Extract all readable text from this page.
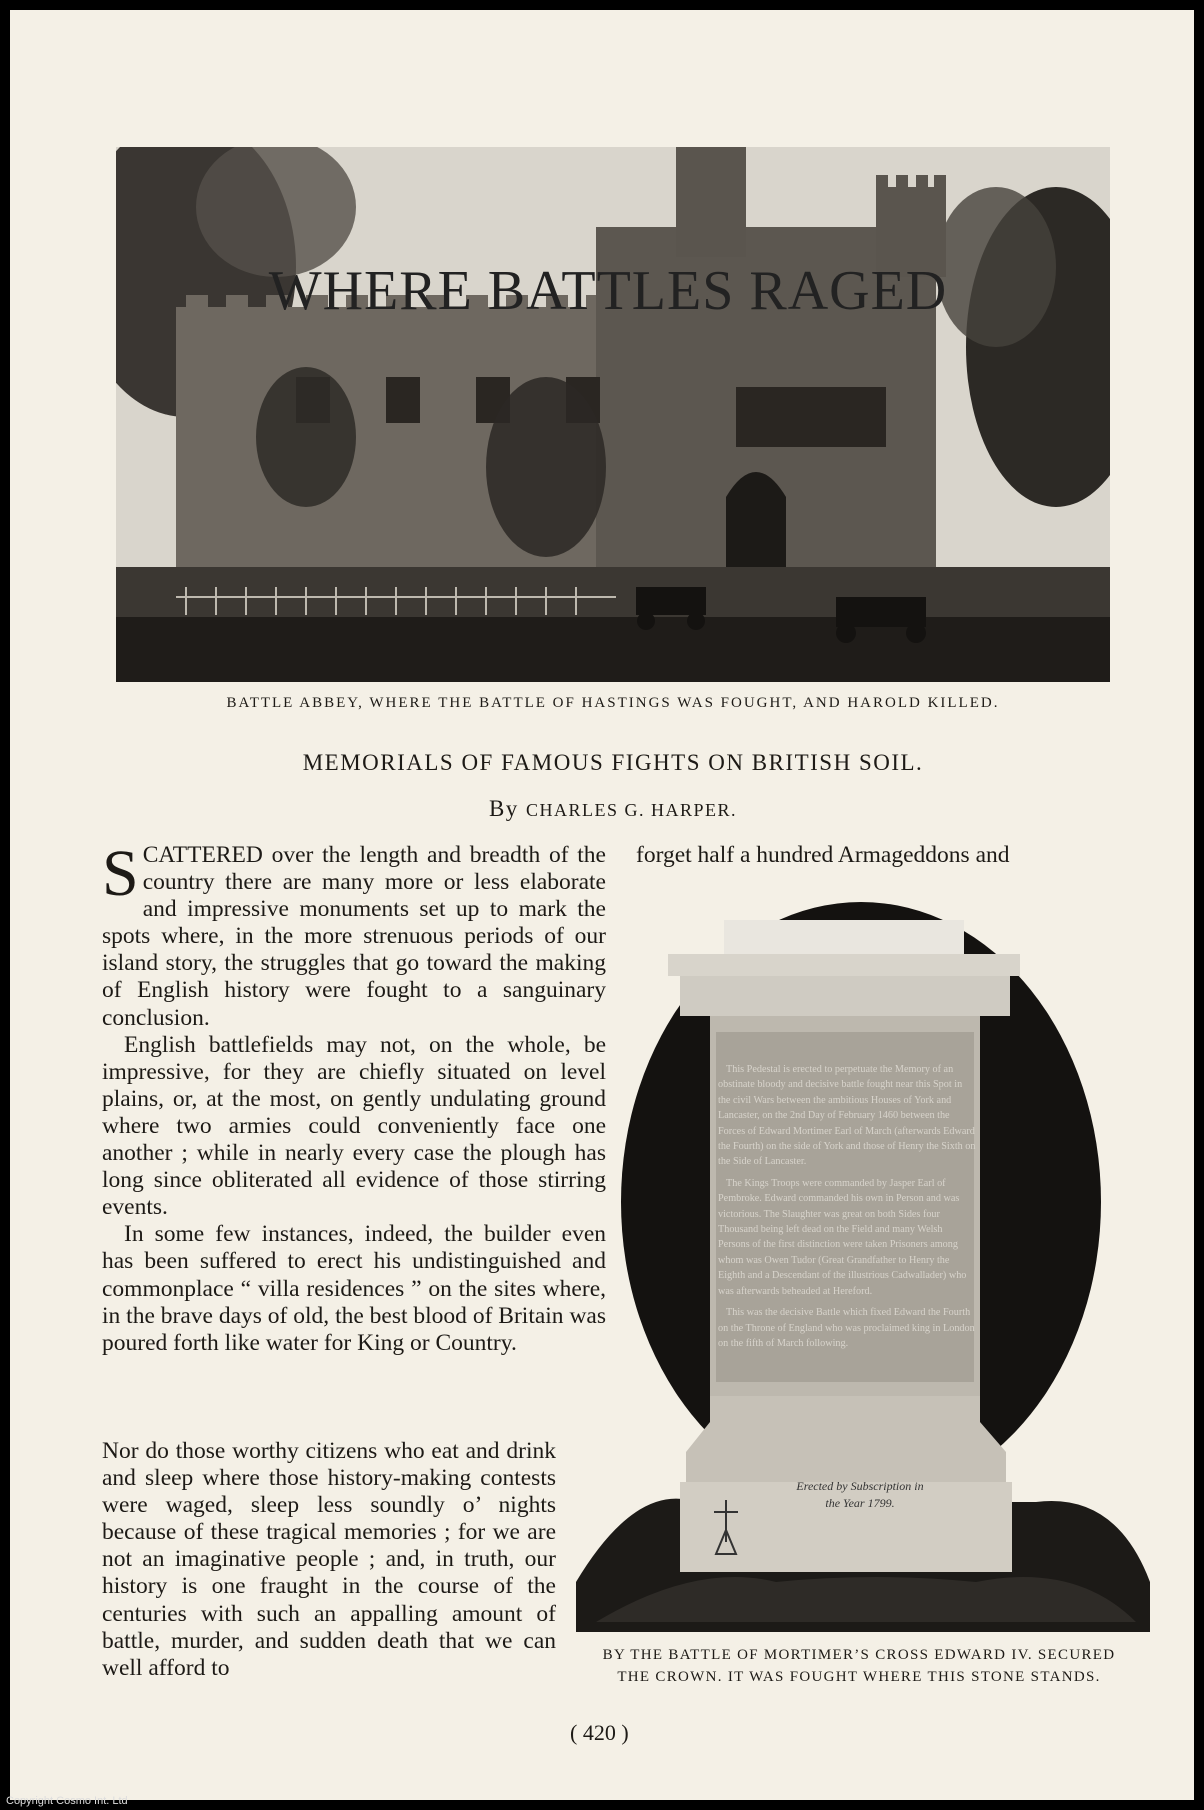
WHERE BATTLES RAGED
BATTLE ABBEY, WHERE THE BATTLE OF HASTINGS WAS FOUGHT, AND HAROLD KILLED.
MEMORIALS OF FAMOUS FIGHTS ON BRITISH SOIL.
By CHARLES G. HARPER.

SCATTERED over the length and breadth of the country there are many more or less elaborate and impressive monuments set up to mark the spots where, in the more strenuous periods of our island story, the struggles that go toward the making of English history were fought to a sanguinary conclusion.

English battlefields may not, on the whole, be impressive, for they are chiefly situated on level plains, or, at the most, on gently undulating ground where two armies could conveniently face one another ; while in nearly every case the plough has long since obliterated all evidence of those stirring events.

In some few instances, indeed, the builder even has been suffered to erect his undistinguished and commonplace “ villa residences ” on the sites where, in the brave days of old, the best blood of Britain was poured forth like water for King or Country.

Nor do those worthy citizens who eat and drink and sleep where those history-making contests were waged, sleep less soundly o’ nights because of these tragical memories ; for we are not an imaginative people ; and, in truth, our history is one fraught in the course of the centuries with such an appalling amount of battle, murder, and sudden death that we can well afford to

forget half a hundred Armageddons and

This Pedestal is erected to perpetuate the Memory of an obstinate bloody and decisive battle fought near this Spot in the civil Wars between the ambitious Houses of York and Lancaster, on the 2nd Day of February 1460 between the Forces of Edward Mortimer Earl of March (afterwards Edward the Fourth) on the side of York and those of Henry the Sixth on the Side of Lancaster.

The Kings Troops were commanded by Jasper Earl of Pembroke. Edward commanded his own in Person and was victorious. The Slaughter was great on both Sides four Thousand being left dead on the Field and many Welsh Persons of the first distinction were taken Prisoners among whom was Owen Tudor (Great Grandfather to Henry the Eighth and a Descendant of the illustrious Cadwallader) who was afterwards beheaded at Hereford.

This was the decisive Battle which fixed Edward the Fourth on the Throne of England who was proclaimed king in London on the fifth of March following.

Erected by Subscription in the Year 1799.
BY THE BATTLE OF MORTIMER’S CROSS EDWARD IV. SECURED THE CROWN. IT WAS FOUGHT WHERE THIS STONE STANDS.
( 420 )
Copyright Cosmo Int. Ltd
